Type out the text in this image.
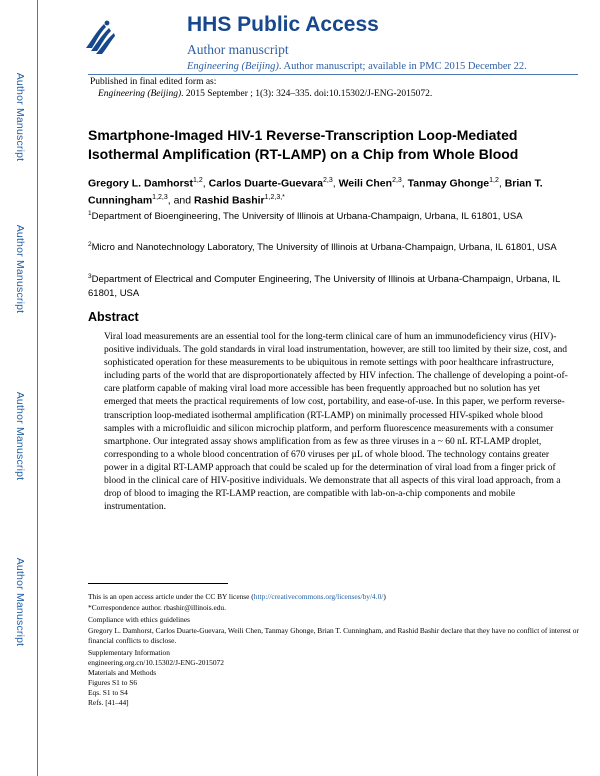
Author Manuscript
Author Manuscript
Author Manuscript
Author Manuscript
HHS Public Access
Author manuscript
Engineering (Beijing). Author manuscript; available in PMC 2015 December 22.
Published in final edited form as:
Engineering (Beijing). 2015 September ; 1(3): 324–335. doi:10.15302/J-ENG-2015072.
Smartphone-Imaged HIV-1 Reverse-Transcription Loop-Mediated Isothermal Amplification (RT-LAMP) on a Chip from Whole Blood
Gregory L. Damhorst$^{1,2}$, Carlos Duarte-Guevara$^{2,3}$, Weili Chen$^{2,3}$, Tanmay Ghonge$^{1,2}$, Brian T. Cunningham$^{1,2,3}$, and Rashid Bashir$^{1,2,3,*}$
$^1$Department of Bioengineering, The University of Illinois at Urbana-Champaign, Urbana, IL 61801, USA
$^2$Micro and Nanotechnology Laboratory, The University of Illinois at Urbana-Champaign, Urbana, IL 61801, USA
$^3$Department of Electrical and Computer Engineering, The University of Illinois at Urbana-Champaign, Urbana, IL 61801, USA
Abstract
Viral load measurements are an essential tool for the long-term clinical care of hum an immunodeficiency virus (HIV)-positive individuals. The gold standards in viral load instrumentation, however, are still too limited by their size, cost, and sophisticated operation for these measurements to be ubiquitous in remote settings with poor healthcare infrastructure, including parts of the world that are disproportionately affected by HIV infection. The challenge of developing a point-of-care platform capable of making viral load more accessible has been frequently approached but no solution has yet emerged that meets the practical requirements of low cost, portability, and ease-of-use. In this paper, we perform reverse-transcription loop-mediated isothermal amplification (RT-LAMP) on minimally processed HIV-spiked whole blood samples with a microfluidic and silicon microchip platform, and perform fluorescence measurements with a consumer smartphone. Our integrated assay shows amplification from as few as three viruses in a ~ 60 nL RT-LAMP droplet, corresponding to a whole blood concentration of 670 viruses per µL of whole blood. The technology contains greater power in a digital RT-LAMP approach that could be scaled up for the determination of viral load from a finger prick of blood in the clinical care of HIV-positive individuals. We demonstrate that all aspects of this viral load approach, from a drop of blood to imaging the RT-LAMP reaction, are compatible with lab-on-a-chip components and mobile instrumentation.
This is an open access article under the CC BY license (http://creativecommons.org/licenses/by/4.0/)
*Correspondence author. rbashir@illinois.edu.
Compliance with ethics guidelines
Gregory L. Damhorst, Carlos Duarte-Guevara, Weili Chen, Tanmay Ghonge, Brian T. Cunningham, and Rashid Bashir declare that they have no conflict of interest or financial conflicts to disclose.
Supplementary Information
engineering.org.cn/10.15302/J-ENG-2015072
Materials and Methods
Figures S1 to S6
Eqs. S1 to S4
Refs. [41–44]
